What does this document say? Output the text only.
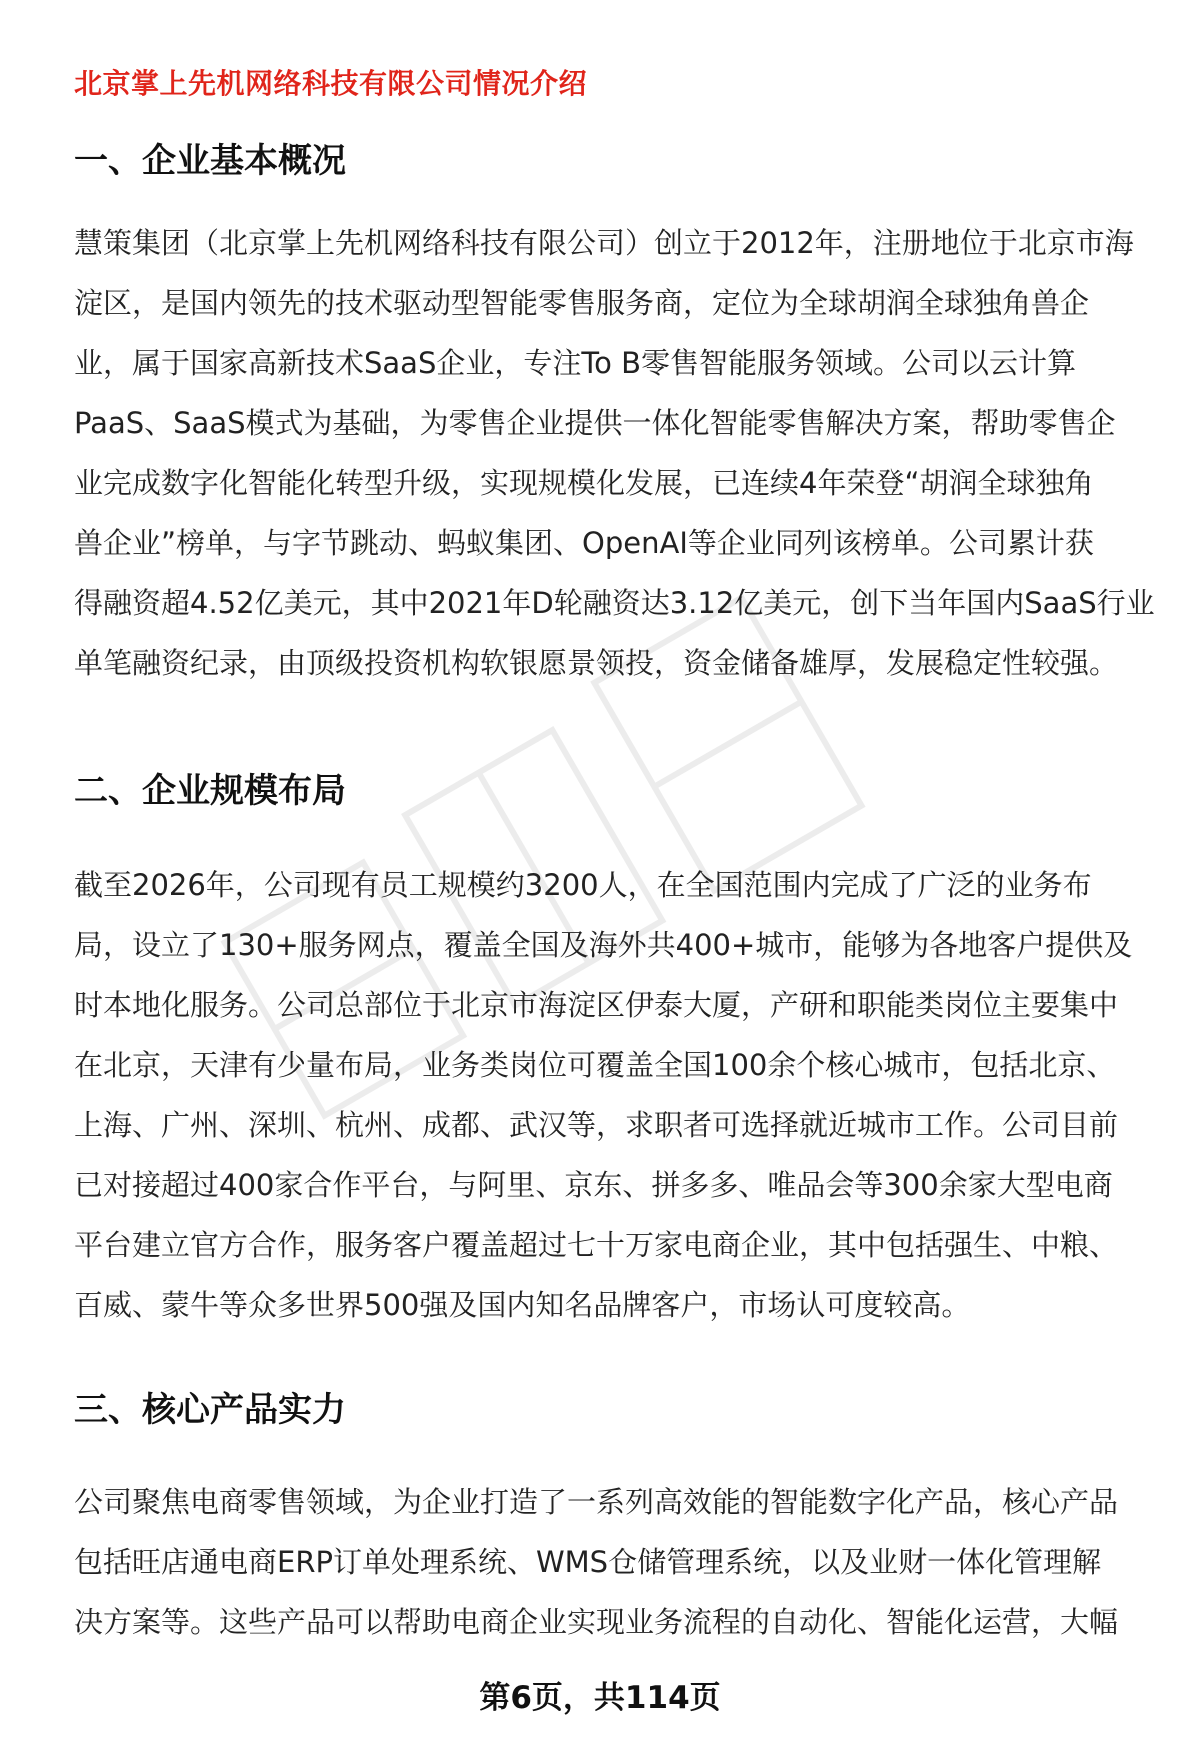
北京掌上先机网络科技有限公司情况介绍
一、企业基本概况

慧策集团（北京掌上先机网络科技有限公司）创立于2012年，注册地位于北京市海
淀区，是国内领先的技术驱动型智能零售服务商，定位为全球胡润全球独角兽企
业，属于国家高新技术SaaS企业，专注To B零售智能服务领域。公司以云计算
PaaS、SaaS模式为基础，为零售企业提供一体化智能零售解决方案，帮助零售企
业完成数字化智能化转型升级，实现规模化发展，已连续4年荣登“胡润全球独角
兽企业”榜单，与字节跳动、蚂蚁集团、OpenAI等企业同列该榜单。公司累计获
得融资超4.52亿美元，其中2021年D轮融资达3.12亿美元，创下当年国内SaaS行业
单笔融资纪录，由顶级投资机构软银愿景领投，资金储备雄厚，发展稳定性较强。

二、企业规模布局

截至2026年，公司现有员工规模约3200人，在全国范围内完成了广泛的业务布
局，设立了130+服务网点，覆盖全国及海外共400+城市，能够为各地客户提供及
时本地化服务。公司总部位于北京市海淀区伊泰大厦，产研和职能类岗位主要集中
在北京，天津有少量布局，业务类岗位可覆盖全国100余个核心城市，包括北京、
上海、广州、深圳、杭州、成都、武汉等，求职者可选择就近城市工作。公司目前
已对接超过400家合作平台，与阿里、京东、拼多多、唯品会等300余家大型电商
平台建立官方合作，服务客户覆盖超过七十万家电商企业，其中包括强生、中粮、
百威、蒙牛等众多世界500强及国内知名品牌客户，市场认可度较高。

三、核心产品实力

公司聚焦电商零售领域，为企业打造了一系列高效能的智能数字化产品，核心产品
包括旺店通电商ERP订单处理系统、WMS仓储管理系统，以及业财一体化管理解
决方案等。这些产品可以帮助电商企业实现业务流程的自动化、智能化运营，大幅

第6页，共114页
